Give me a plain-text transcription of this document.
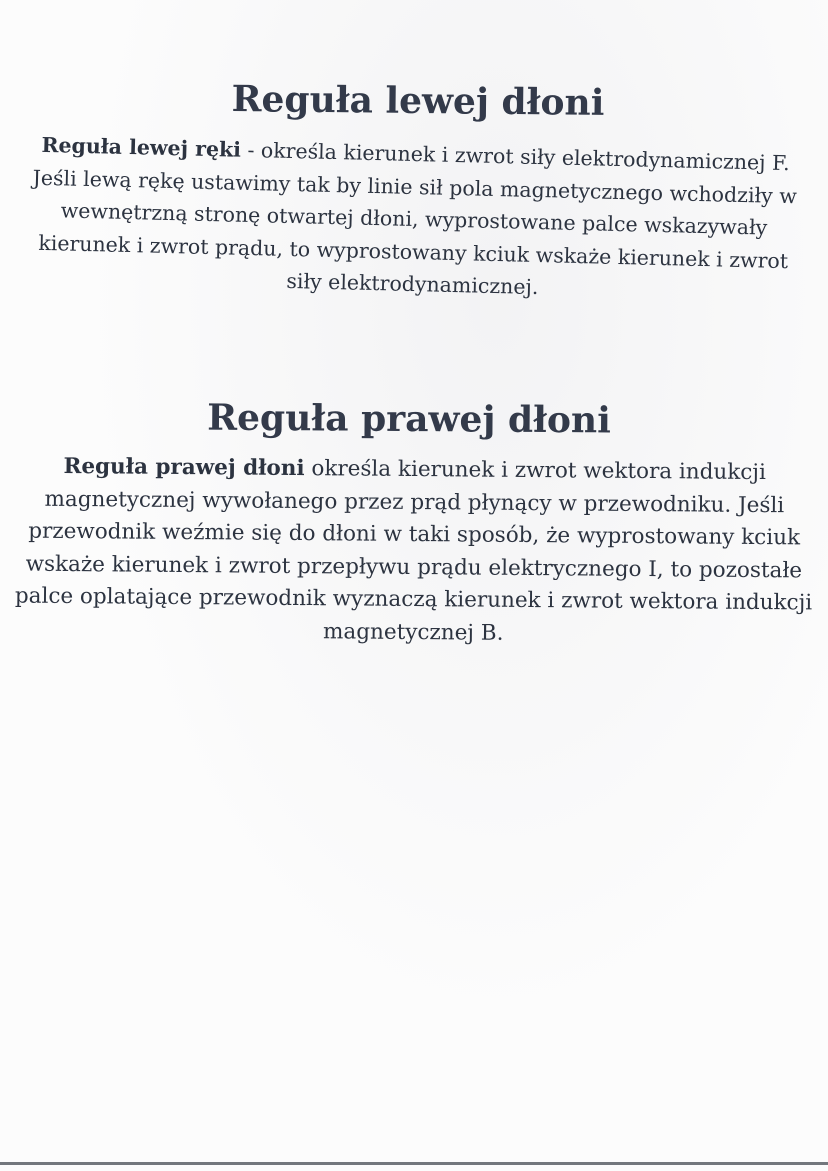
Reguła lewej dłoni

Reguła lewej ręki - określa kierunek i zwrot siły elektrodynamicznej F. Jeśli lewą rękę ustawimy tak by linie sił pola magnetycznego wchodziły w wewnętrzną stronę otwartej dłoni, wyprostowane palce wskazywały kierunek i zwrot prądu, to wyprostowany kciuk wskaże kierunek i zwrot siły elektrodynamicznej.

Reguła prawej dłoni

Reguła prawej dłoni określa kierunek i zwrot wektora indukcji magnetycznej wywołanego przez prąd płynący w przewodniku. Jeśli przewodnik weźmie się do dłoni w taki sposób, że wyprostowany kciuk wskaże kierunek i zwrot przepływu prądu elektrycznego I, to pozostałe palce oplatające przewodnik wyznaczą kierunek i zwrot wektora indukcji magnetycznej B.
